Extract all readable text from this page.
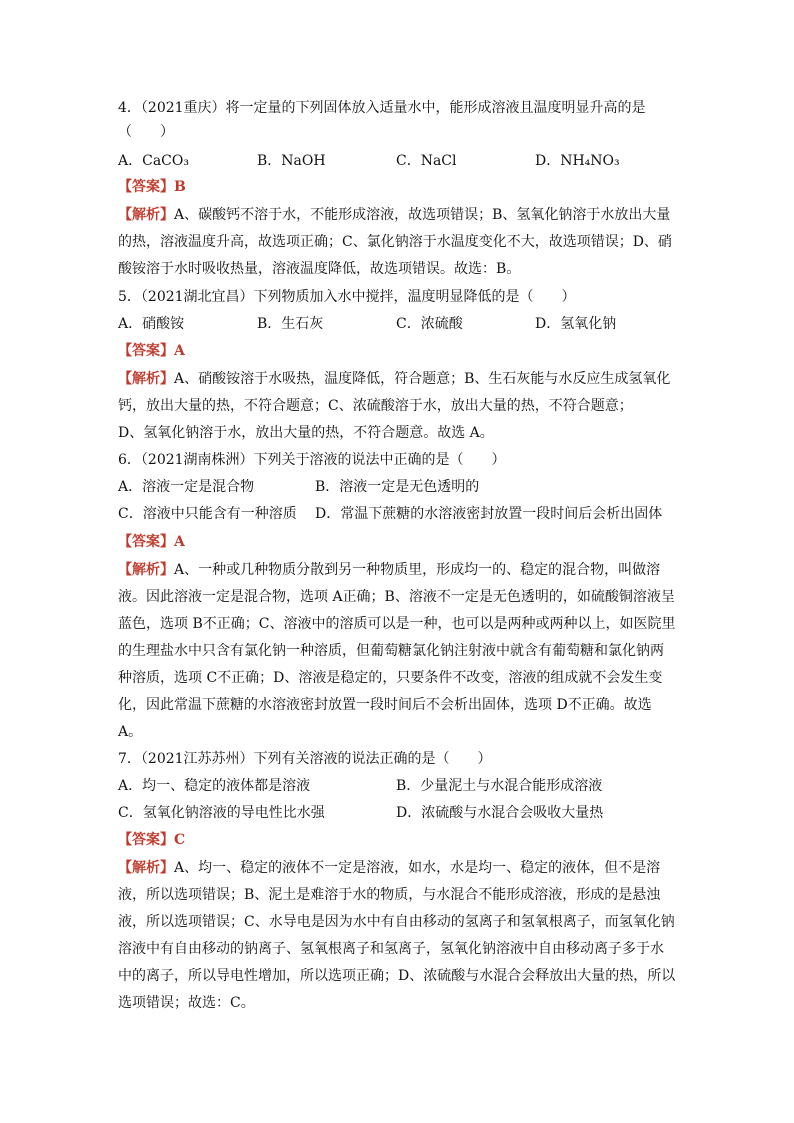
4．（2021重庆）将一定量的下列固体放入适量水中，能形成溶液且温度明显升高的是
（　　）
A．CaCO₃	B．NaOH	C．NaCl	D．NH₄NO₃
【答案】B
【解析】A、碳酸钙不溶于水，不能形成溶液，故选项错误；B、氢氧化钠溶于水放出大量
的热，溶液温度升高，故选项正确；C、氯化钠溶于水温度变化不大，故选项错误；D、硝
酸铵溶于水时吸收热量，溶液温度降低，故选项错误。故选：B。
5．（2021湖北宜昌）下列物质加入水中搅拌，温度明显降低的是（　　）
A．硝酸铵	B．生石灰	C．浓硫酸	D．氢氧化钠
【答案】A
【解析】A、硝酸铵溶于水吸热，温度降低，符合题意；B、生石灰能与水反应生成氢氧化
钙，放出大量的热，不符合题意；C、浓硫酸溶于水，放出大量的热，不符合题意；
D、氢氧化钠溶于水，放出大量的热，不符合题意。故选 A。
6．（2021湖南株洲）下列关于溶液的说法中正确的是（　　）
A．溶液一定是混合物	B．溶液一定是无色透明的
C．溶液中只能含有一种溶质 D．常温下蔗糖的水溶液密封放置一段时间后会析出固体
【答案】A
【解析】A、一种或几种物质分散到另一种物质里，形成均一的、稳定的混合物，叫做溶
液。因此溶液一定是混合物，选项 A正确；B、溶液不一定是无色透明的，如硫酸铜溶液呈
蓝色，选项 B不正确；C、溶液中的溶质可以是一种，也可以是两种或两种以上，如医院里
的生理盐水中只含有氯化钠一种溶质，但葡萄糖氯化钠注射液中就含有葡萄糖和氯化钠两
种溶质，选项 C不正确；D、溶液是稳定的，只要条件不改变，溶液的组成就不会发生变
化，因此常温下蔗糖的水溶液密封放置一段时间后不会析出固体，选项 D不正确。故选
A。
7．（2021江苏苏州）下列有关溶液的说法正确的是（　　）
A．均一、稳定的液体都是溶液	B．少量泥土与水混合能形成溶液
C．氢氧化钠溶液的导电性比水强	D．浓硫酸与水混合会吸收大量热
【答案】C
【解析】A、均一、稳定的液体不一定是溶液，如水，水是均一、稳定的液体，但不是溶
液，所以选项错误；B、泥土是难溶于水的物质，与水混合不能形成溶液，形成的是悬浊
液，所以选项错误；C、水导电是因为水中有自由移动的氢离子和氢氧根离子，而氢氧化钠
溶液中有自由移动的钠离子、氢氧根离子和氢离子，氢氧化钠溶液中自由移动离子多于水
中的离子，所以导电性增加，所以选项正确；D、浓硫酸与水混合会释放出大量的热，所以
选项错误；故选：C。
